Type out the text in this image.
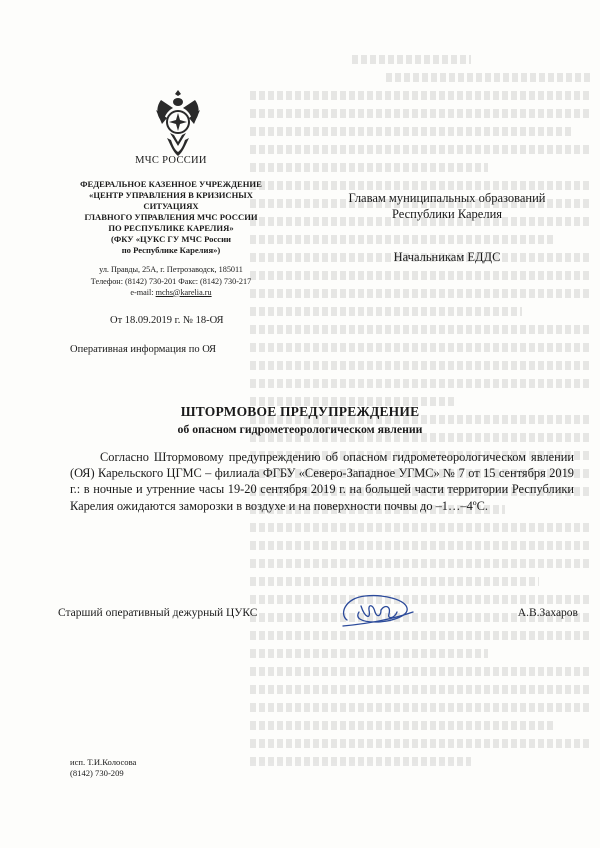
МЧС РОССИИ
ФЕДЕРАЛЬНОЕ КАЗЕННОЕ УЧРЕЖДЕНИЕ
«ЦЕНТР УПРАВЛЕНИЯ В КРИЗИСНЫХ
СИТУАЦИЯХ
ГЛАВНОГО УПРАВЛЕНИЯ МЧС РОССИИ
ПО РЕСПУБЛИКЕ КАРЕЛИЯ»
(ФКУ «ЦУКС ГУ МЧС России
по Республике Карелия»)
ул. Правды, 25А, г. Петрозаводск, 185011
Телефон: (8142) 730-201 Факс: (8142) 730-217
e-mail: mchs@karelia.ru
От 18.09.2019 г. № 18-ОЯ
Оперативная информация по ОЯ
Главам муниципальных образований
Республики Карелия
Начальникам ЕДДС
ШТОРМОВОЕ ПРЕДУПРЕЖДЕНИЕ
об опасном гидрометеорологическом явлении
Согласно Штормовому предупреждению об опасном гидрометеорологическом явлении (ОЯ) Карельского ЦГМС – филиала ФГБУ «Северо-Западное УГМС» № 7 от 15 сентября 2019 г.: в ночные и утренние часы 19-20 сентября 2019 г. на большей части территории Республики Карелия ожидаются заморозки в воздухе и на поверхности почвы до –1…–4ºС.
Старший оперативный дежурный ЦУКС	А.В.Захаров
исп. Т.И.Колосова
(8142) 730-209
